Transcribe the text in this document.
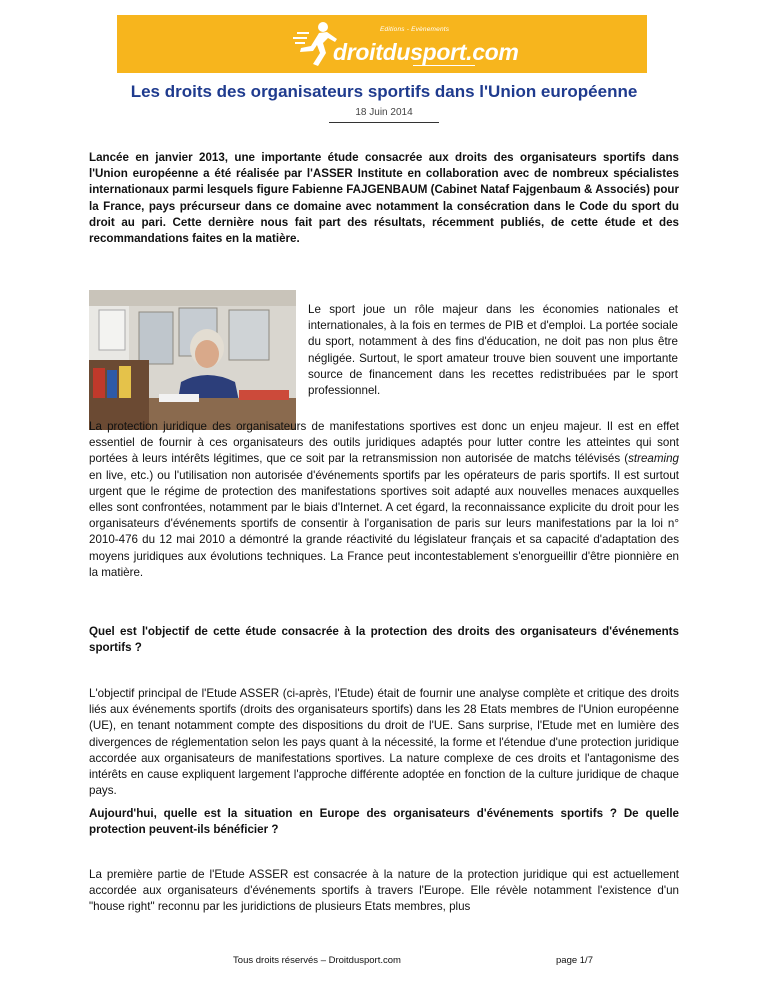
Editions - Evènements
droitdusport.com
Les droits des organisateurs sportifs dans l'Union européenne
18 Juin 2014

Lancée en janvier 2013, une importante étude consacrée aux droits des organisateurs sportifs dans l'Union européenne a été réalisée par l'ASSER Institute en collaboration avec de nombreux spécialistes internationaux parmi lesquels figure Fabienne FAJGENBAUM (Cabinet Nataf Fajgenbaum & Associés) pour la France, pays précurseur dans ce domaine avec notamment la consécration dans le Code du sport du droit au pari. Cette dernière nous fait part des résultats, récemment publiés, de cette étude et des recommandations faites en la matière.

Le sport joue un rôle majeur dans les économies nationales et internationales, à la fois en termes de PIB et d'emploi. La portée sociale du sport, notamment à des fins d'éducation, ne doit pas non plus être négligée. Surtout, le sport amateur trouve bien souvent une importante source de financement dans les recettes redistribuées par le sport professionnel.

La protection juridique des organisateurs de manifestations sportives est donc un enjeu majeur. Il est en effet essentiel de fournir à ces organisateurs des outils juridiques adaptés pour lutter contre les atteintes qui sont portées à leurs intérêts légitimes, que ce soit par la retransmission non autorisée de matchs télévisés (streaming en live, etc.) ou l'utilisation non autorisée d'événements sportifs par les opérateurs de paris sportifs. Il est surtout urgent que le régime de protection des manifestations sportives soit adapté aux nouvelles menaces auxquelles elles sont confrontées, notamment par le biais d'Internet. A cet égard, la reconnaissance explicite du droit pour les organisateurs d'événements sportifs de consentir à l'organisation de paris sur leurs manifestations par la loi n° 2010-476 du 12 mai 2010 a démontré la grande réactivité du législateur français et sa capacité d'adaptation des moyens juridiques aux évolutions techniques. La France peut incontestablement s'enorgueillir d'être pionnière en la matière.

Quel est l'objectif de cette étude consacrée à la protection des droits des organisateurs d'événements sportifs ?

L'objectif principal de l'Etude ASSER (ci-après, l'Etude) était de fournir une analyse complète et critique des droits liés aux événements sportifs (droits des organisateurs sportifs) dans les 28 Etats membres de l'Union européenne (UE), en tenant notamment compte des dispositions du droit de l'UE. Sans surprise, l'Etude met en lumière des divergences de réglementation selon les pays quant à la nécessité, la forme et l'étendue d'une protection juridique accordée aux organisateurs de manifestations sportives. La nature complexe de ces droits et l'antagonisme des intérêts en cause expliquent largement l'approche différente adoptée en fonction de la culture juridique de chaque pays.

Aujourd'hui, quelle est la situation en Europe des organisateurs d'événements sportifs ? De quelle protection peuvent-ils bénéficier ?

La première partie de l'Etude ASSER est consacrée à la nature de la protection juridique qui est actuellement accordée aux organisateurs d'événements sportifs à travers l'Europe. Elle révèle notamment l'existence d'un "house right" reconnu par les juridictions de plusieurs Etats membres, plus

Tous droits réservés – Droitdusport.com	page 1/7
